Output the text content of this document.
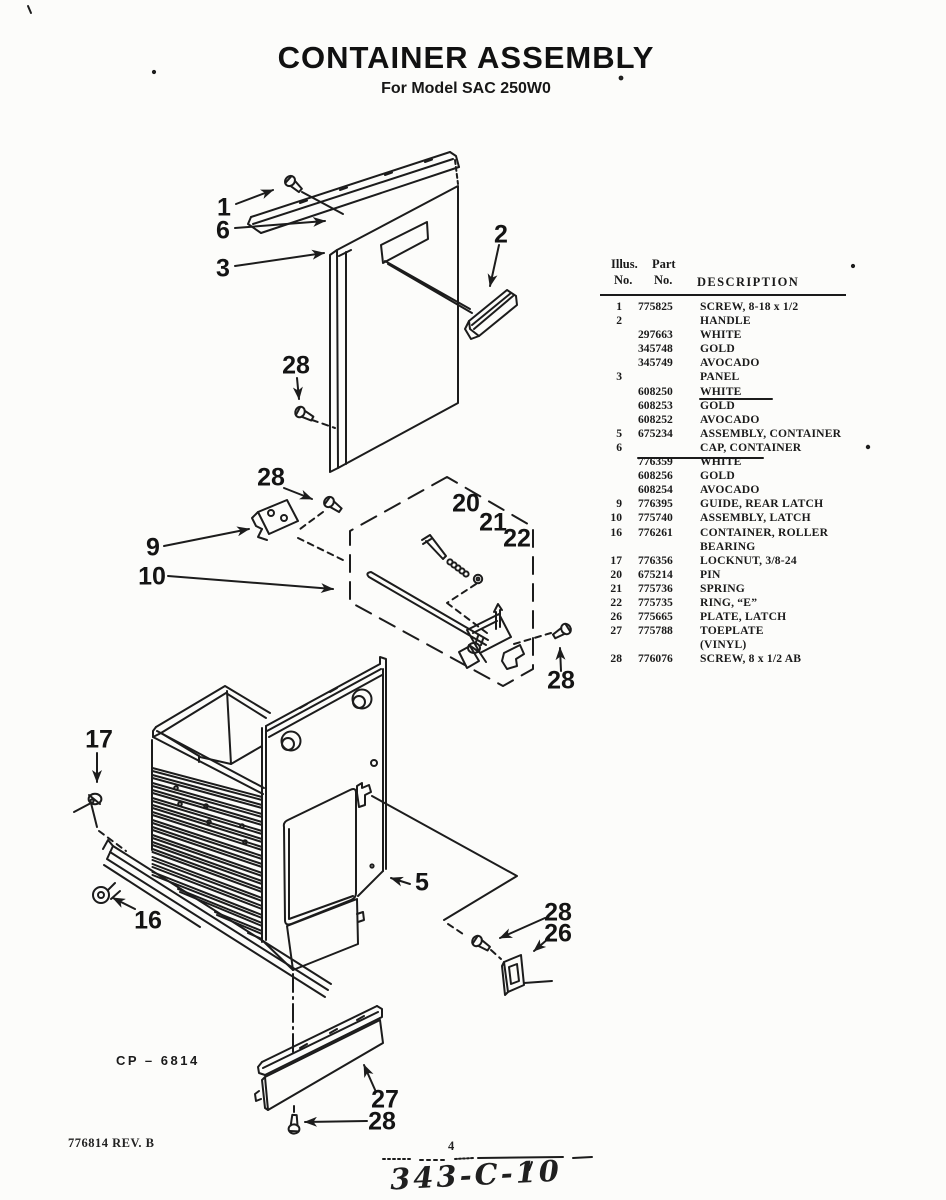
CONTAINER ASSEMBLY
For Model SAC 250W0
1
6
3
2
28
28
9
10
20
21
22
28
17
16
5
28
26
27
28
Illus. Part
No. No. DESCRIPTION
1	775825	SCREW, 8-18 x 1/2
2	HANDLE
297663	WHITE
345748	GOLD
345749	AVOCADO
3	PANEL
608250	WHITE
608253	GOLD
608252	AVOCADO
5	675234	ASSEMBLY, CONTAINER
6	CAP, CONTAINER
776359	WHITE
608256	GOLD
608254	AVOCADO
9	776395	GUIDE, REAR LATCH
10	775740	ASSEMBLY, LATCH
16	776261	CONTAINER, ROLLER
BEARING
17	776356	LOCKNUT, 3/8-24
20	675214	PIN
21	775736	SPRING
22	775735	RING, “E”
26	775665	PLATE, LATCH
27	775788	TOEPLATE
(VINYL)
28	776076	SCREW, 8 x 1/2 AB
CP – 6814
776814 REV. B	4
343-C-10
